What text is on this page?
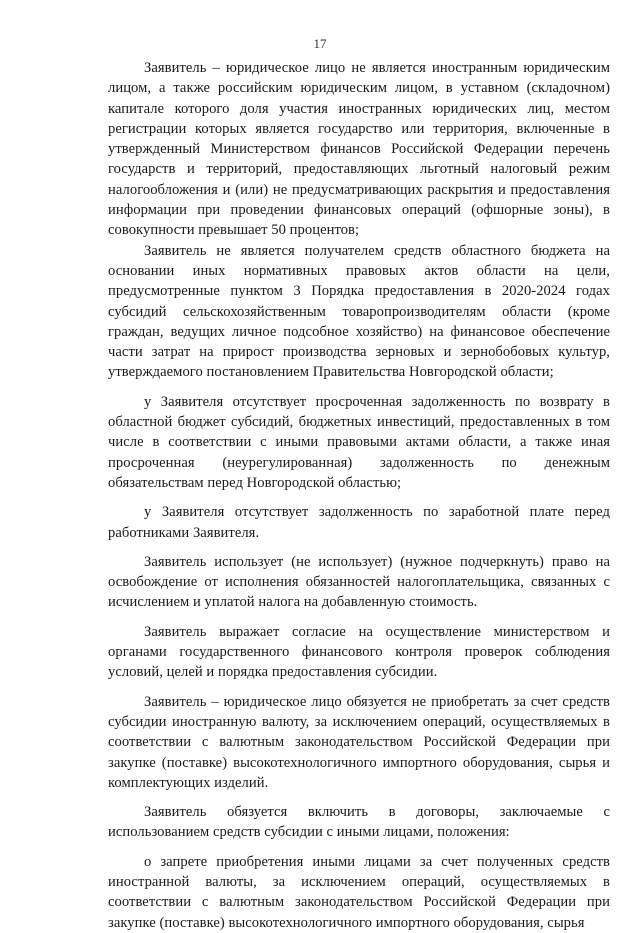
17

Заявитель – юридическое лицо не является иностранным юридическим лицом, а также российским юридическим лицом, в уставном (складочном) капитале которого доля участия иностранных юридических лиц, местом регистрации которых является государство или территория, включенные в утвержденный Министерством финансов Российской Федерации перечень государств и территорий, предоставляющих льготный налоговый режим налогообложения и (или) не предусматривающих раскрытия и предоставления информации при проведении финансовых операций (офшорные зоны), в совокупности превышает 50 процентов;

Заявитель не является получателем средств областного бюджета на основании иных нормативных правовых актов области на цели, предусмотренные пунктом 3 Порядка предоставления в 2020-2024 годах субсидий сельскохозяйственным товаропроизводителям области (кроме граждан, ведущих личное подсобное хозяйство) на финансовое обеспечение части затрат на прирост производства зерновых и зернобобовых культур, утверждаемого постановлением Правительства Новгородской области;

у Заявителя отсутствует просроченная задолженность по возврату в областной бюджет субсидий, бюджетных инвестиций, предоставленных в том числе в соответствии с иными правовыми актами области, а также иная просроченная (неурегулированная) задолженность по денежным обязательствам перед Новгородской областью;

у Заявителя отсутствует задолженность по заработной плате перед работниками Заявителя.

Заявитель использует (не использует) (нужное подчеркнуть) право на освобождение от исполнения обязанностей налогоплательщика, связанных с исчислением и уплатой налога на добавленную стоимость.

Заявитель выражает согласие на осуществление министерством и органами государственного финансового контроля проверок соблюдения условий, целей и порядка предоставления субсидии.

Заявитель – юридическое лицо обязуется не приобретать за счет средств субсидии иностранную валюту, за исключением операций, осуществляемых в соответствии с валютным законодательством Российской Федерации при закупке (поставке) высокотехнологичного импортного оборудования, сырья и комплектующих изделий.

Заявитель обязуется включить в договоры, заключаемые с использованием средств субсидии с иными лицами, положения:

о запрете приобретения иными лицами за счет полученных средств иностранной валюты, за исключением операций, осуществляемых в соответствии с валютным законодательством Российской Федерации при закупке (поставке) высокотехнологичного импортного оборудования, сырья
